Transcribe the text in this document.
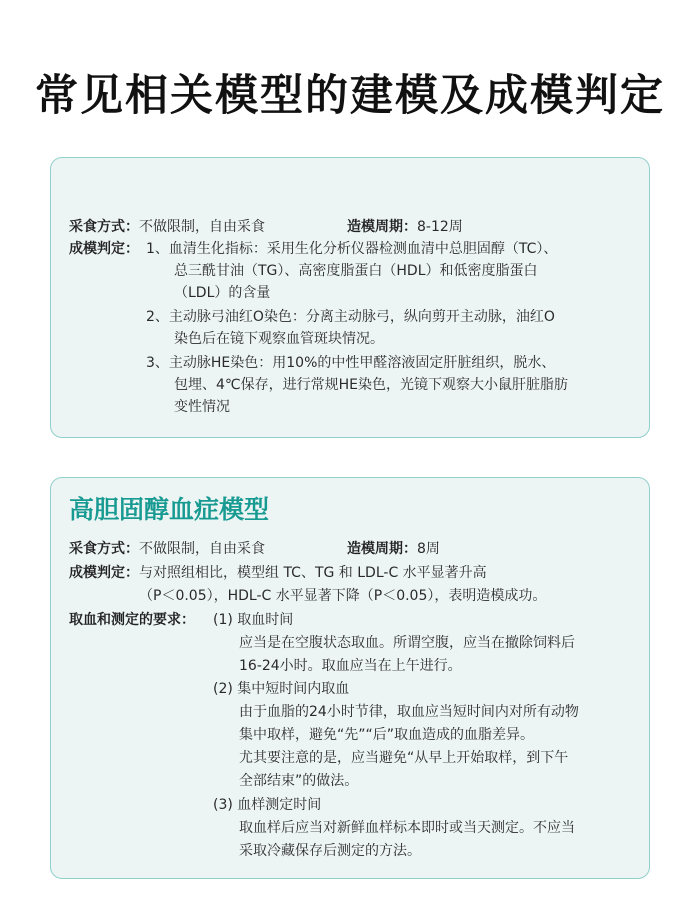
常见相关模型的建模及成模判定
采食方式：不做限制，自由采食	造模周期：8-12周
成模判定： 1、血清生化指标：采用生化分析仪器检测血清中总胆固醇（TC）、
总三酰甘油（TG）、高密度脂蛋白（HDL）和低密度脂蛋白
（LDL）的含量
2、主动脉弓油红O染色：分离主动脉弓，纵向剪开主动脉，油红O
染色后在镜下观察血管斑块情况。
3、主动脉HE染色：用10%的中性甲醛溶液固定肝脏组织，脱水、
包埋、4℃保存，进行常规HE染色，光镜下观察大小鼠肝脏脂肪
变性情况
高胆固醇血症模型
采食方式：不做限制，自由采食	造模周期：8周
成模判定：与对照组相比，模型组 TC、TG 和 LDL-C 水平显著升高
（P＜0.05），HDL-C 水平显著下降（P＜0.05），表明造模成功。
取血和测定的要求： (1) 取血时间
应当是在空腹状态取血。所谓空腹，应当在撤除饲料后
16-24小时。取血应当在上午进行。
(2) 集中短时间内取血
由于血脂的24小时节律，取血应当短时间内对所有动物
集中取样，避免“先”“后”取血造成的血脂差异。
尤其要注意的是，应当避免“从早上开始取样，到下午
全部结束”的做法。
(3) 血样测定时间
取血样后应当对新鲜血样标本即时或当天测定。不应当
采取冷藏保存后测定的方法。
